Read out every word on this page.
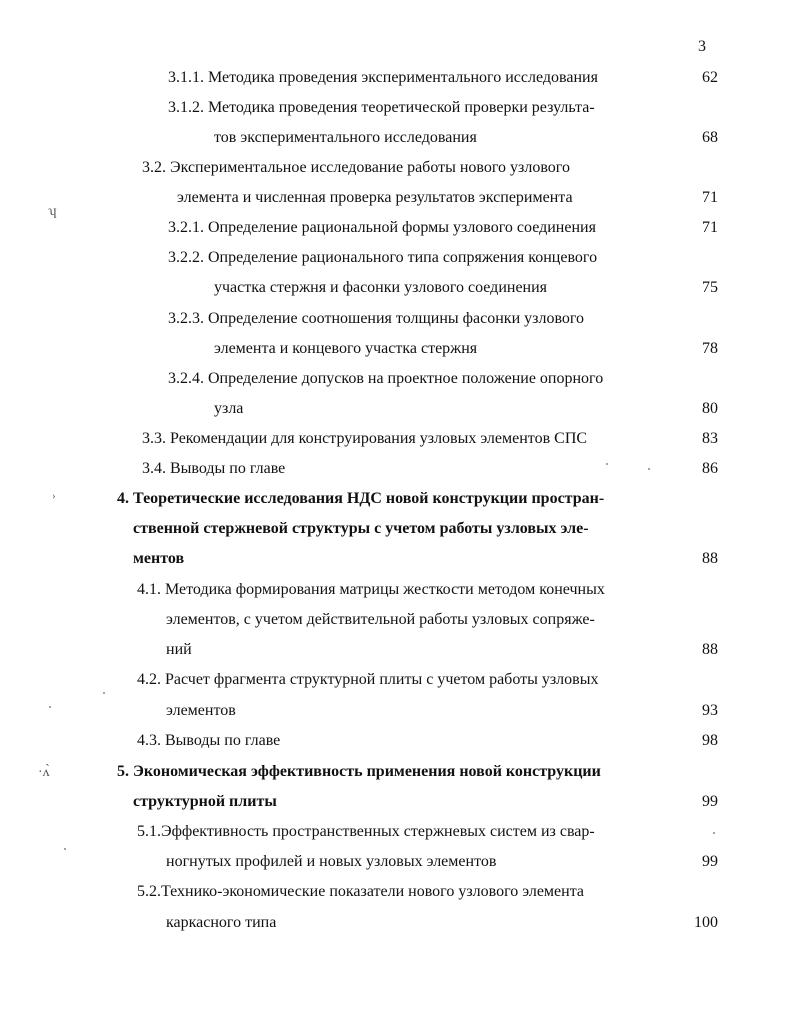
3
3.1.1. Методика проведения экспериментального исследования	62
3.1.2. Методика проведения теоретической проверки результа-
тов экспериментального исследования	68
3.2. Экспериментальное исследование работы нового узлового
элемента и численная проверка результатов эксперимента	71
3.2.1. Определение рациональной формы узлового соединения	71
3.2.2. Определение рационального типа сопряжения концевого
участка стержня и фасонки узлового соединения	75
3.2.3. Определение соотношения толщины фасонки узлового
элемента и концевого участка стержня	78
3.2.4. Определение допусков на проектное положение опорного
узла	80
3.3. Рекомендации для конструирования узловых элементов СПС	83
3.4. Выводы по главе	86
4. Теоретические исследования НДС новой конструкции простран-
ственной стержневой структуры с учетом работы узловых эле-
ментов	88
4.1. Методика формирования матрицы жесткости методом конечных
элементов, с учетом действительной работы узловых сопряже-
ний	88
4.2. Расчет фрагмента структурной плиты с учетом работы узловых
элементов	93
4.3. Выводы по главе	98
5. Экономическая эффективность применения новой конструкции
структурной плиты	99
5.1.Эффективность пространственных стержневых систем из свар-
ногнутых профилей и новых узловых элементов	99
5.2.Технико-экономические показатели нового узлового элемента
каркасного типа	100
ʮ
›
·ʌ̀
